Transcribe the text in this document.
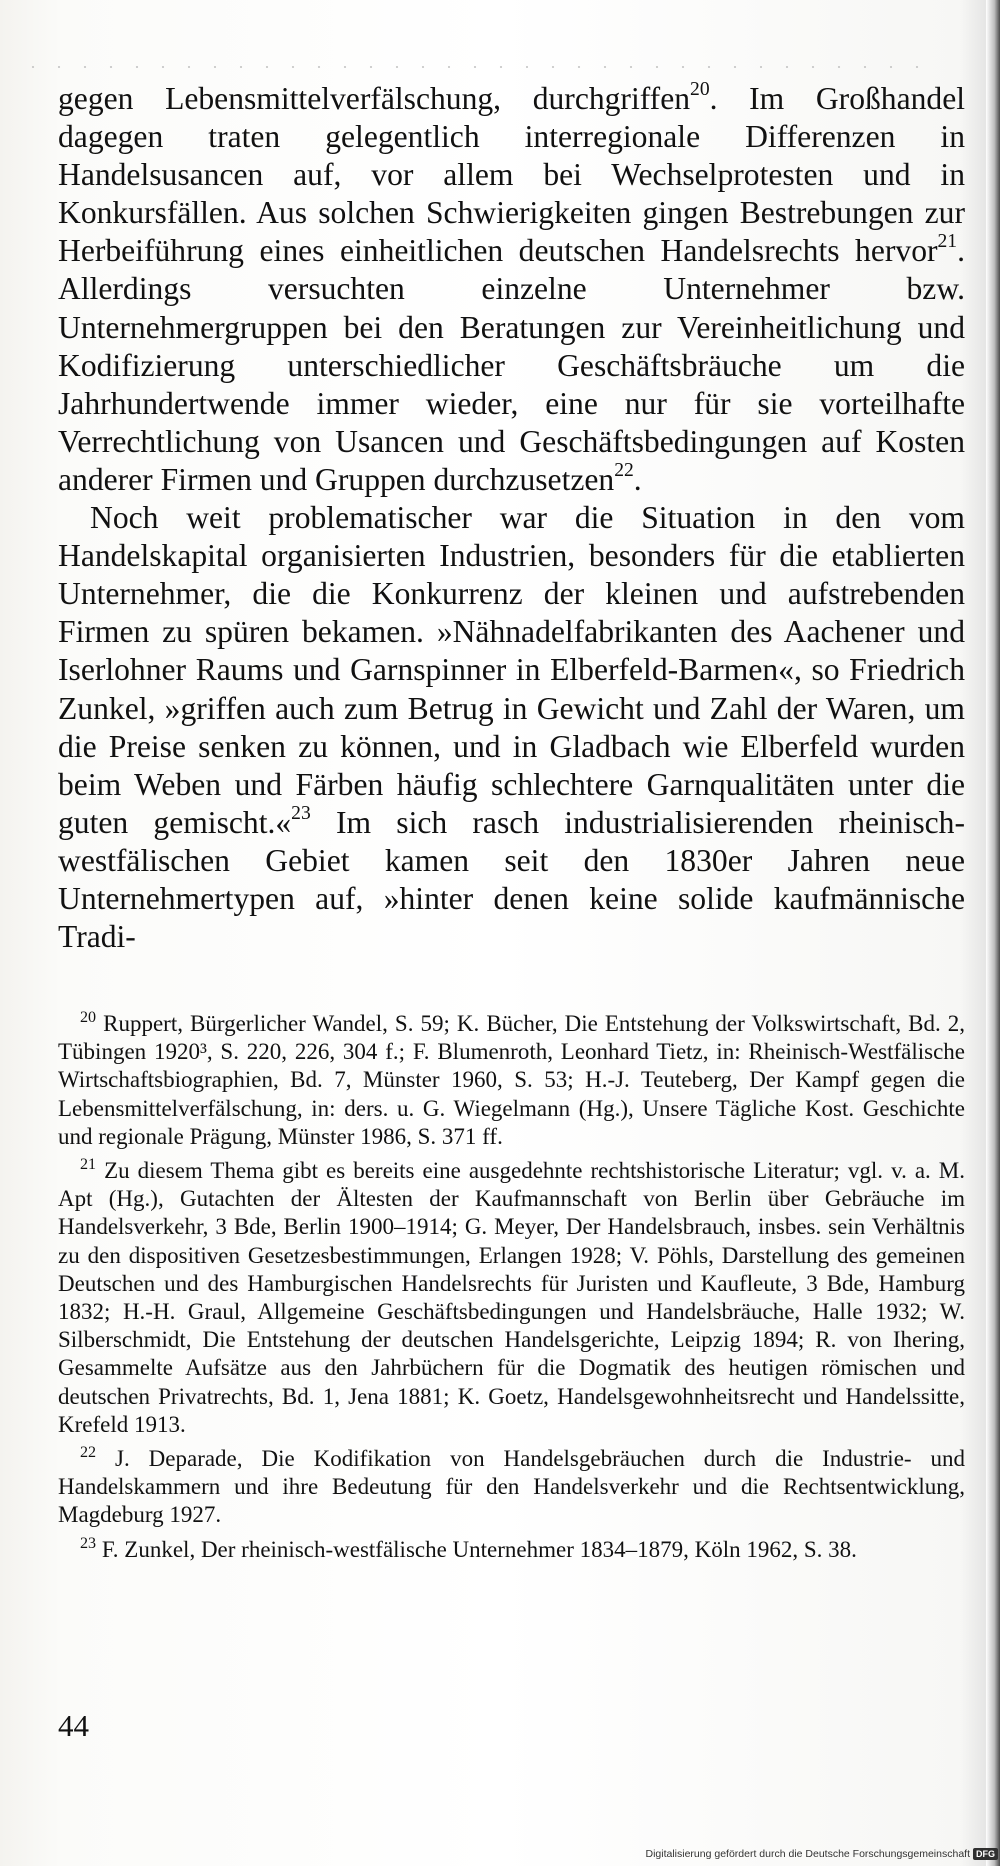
gegen Lebensmittelverfälschung, durchgriffen$^{20}$. Im Großhandel dagegen traten gelegentlich interregionale Differenzen in Handelsusancen auf, vor allem bei Wechselprotesten und in Konkursfällen. Aus solchen Schwierigkeiten gingen Bestrebungen zur Herbeiführung eines einheitlichen deutschen Handelsrechts hervor$^{21}$. Allerdings versuchten einzelne Unternehmer bzw. Unternehmergruppen bei den Beratungen zur Vereinheitlichung und Kodifizierung unterschiedlicher Geschäftsbräuche um die Jahrhundertwende immer wieder, eine nur für sie vorteilhafte Verrechtlichung von Usancen und Geschäftsbedingungen auf Kosten anderer Firmen und Gruppen durchzusetzen$^{22}$.

Noch weit problematischer war die Situation in den vom Handelskapital organisierten Industrien, besonders für die etablierten Unternehmer, die die Konkurrenz der kleinen und aufstrebenden Firmen zu spüren bekamen. »Nähnadelfabrikanten des Aachener und Iserlohner Raums und Garnspinner in Elberfeld-Barmen«, so Friedrich Zunkel, »griffen auch zum Betrug in Gewicht und Zahl der Waren, um die Preise senken zu können, und in Gladbach wie Elberfeld wurden beim Weben und Färben häufig schlechtere Garnqualitäten unter die guten gemischt.«$^{23}$ Im sich rasch industrialisierenden rheinisch-westfälischen Gebiet kamen seit den 1830er Jahren neue Unternehmertypen auf, »hinter denen keine solide kaufmännische Tradi-

$^{20}$ Ruppert, Bürgerlicher Wandel, S. 59; K. Bücher, Die Entstehung der Volkswirtschaft, Bd. 2, Tübingen 1920³, S. 220, 226, 304 f.; F. Blumenroth, Leonhard Tietz, in: Rheinisch-Westfälische Wirtschaftsbiographien, Bd. 7, Münster 1960, S. 53; H.-J. Teuteberg, Der Kampf gegen die Lebensmittelverfälschung, in: ders. u. G. Wiegelmann (Hg.), Unsere Tägliche Kost. Geschichte und regionale Prägung, Münster 1986, S. 371 ff.

$^{21}$ Zu diesem Thema gibt es bereits eine ausgedehnte rechtshistorische Literatur; vgl. v. a. M. Apt (Hg.), Gutachten der Ältesten der Kaufmannschaft von Berlin über Gebräuche im Handelsverkehr, 3 Bde, Berlin 1900–1914; G. Meyer, Der Handelsbrauch, insbes. sein Verhältnis zu den dispositiven Gesetzesbestimmungen, Erlangen 1928; V. Pöhls, Darstellung des gemeinen Deutschen und des Hamburgischen Handelsrechts für Juristen und Kaufleute, 3 Bde, Hamburg 1832; H.-H. Graul, Allgemeine Geschäftsbedingungen und Handelsbräuche, Halle 1932; W. Silberschmidt, Die Entstehung der deutschen Handelsgerichte, Leipzig 1894; R. von Ihering, Gesammelte Aufsätze aus den Jahrbüchern für die Dogmatik des heutigen römischen und deutschen Privatrechts, Bd. 1, Jena 1881; K. Goetz, Handelsgewohnheitsrecht und Handelssitte, Krefeld 1913.

$^{22}$ J. Deparade, Die Kodifikation von Handelsgebräuchen durch die Industrie- und Handelskammern und ihre Bedeutung für den Handelsverkehr und die Rechtsentwicklung, Magdeburg 1927.

$^{23}$ F. Zunkel, Der rheinisch-westfälische Unternehmer 1834–1879, Köln 1962, S. 38.

44
Digitalisierung gefördert durch die Deutsche Forschungsgemeinschaft DFG
